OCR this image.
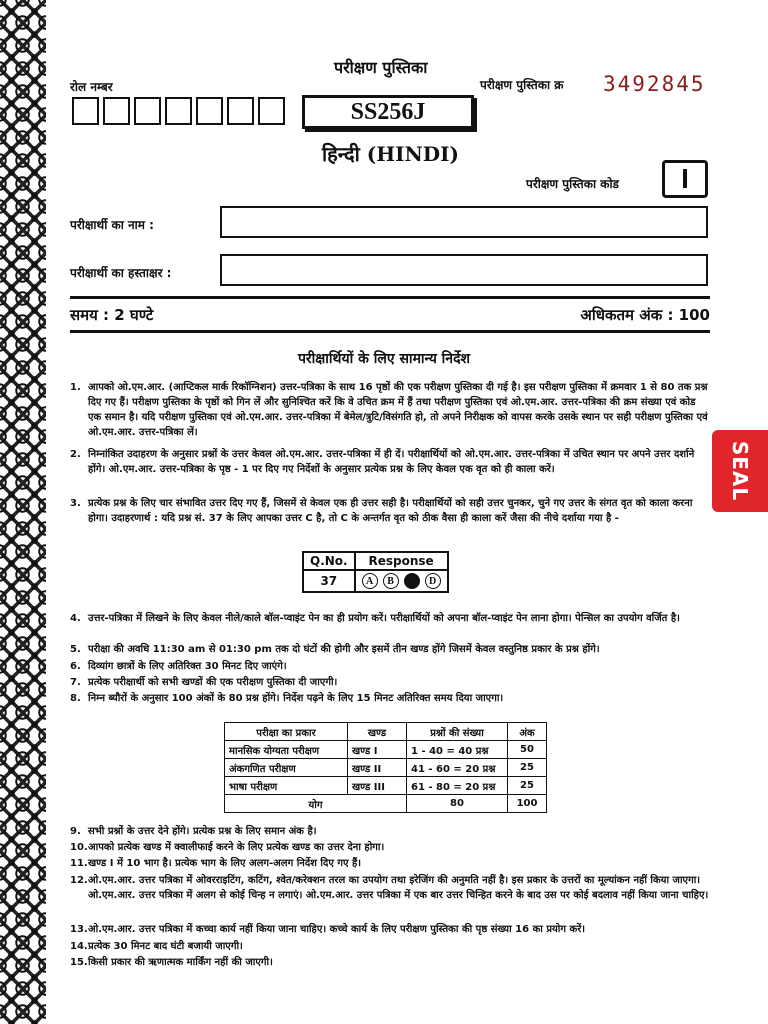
परीक्षण पुस्तिका
रोल नम्बर	परीक्षण पुस्तिका क्र 3492845
SS256J
हिन्दी (HINDI)
परीक्षण पुस्तिका कोड	I
परीक्षार्थी का नाम :
परीक्षार्थी का हस्ताक्षर :
समय : 2 घण्टे	अधिकतम अंक : 100
परीक्षार्थियों के लिए सामान्य निर्देश
SEAL
1. आपको ओ.एम.आर. (आप्टिकल मार्क रिकॉग्निशन) उत्तर-पत्रिका के साथ 16 पृष्ठों की एक परीक्षण पुस्तिका दी गई है। इस परीक्षण पुस्तिका में क्रमवार 1 से 80 तक प्रश्न दिए गए हैं। परीक्षण पुस्तिका के पृष्ठों को गिन लें और सुनिश्चित करें कि वे उचित क्रम में हैं तथा परीक्षण पुस्तिका एवं ओ.एम.आर. उत्तर-पत्रिका की क्रम संख्या एवं कोड एक समान है। यदि परीक्षण पुस्तिका एवं ओ.एम.आर. उत्तर-पत्रिका में बेमेल/त्रुटि/विसंगति हो, तो अपने निरीक्षक को वापस करके उसके स्थान पर सही परीक्षण पुस्तिका एवं ओ.एम.आर. उत्तर-पत्रिका लें।
2. निम्नांकित उदाहरण के अनुसार प्रश्नों के उत्तर केवल ओ.एम.आर. उत्तर-पत्रिका में ही दें। परीक्षार्थियों को ओ.एम.आर. उत्तर-पत्रिका में उचित स्थान पर अपने उत्तर दर्शाने होंगे। ओ.एम.आर. उत्तर-पत्रिका के पृष्ठ - 1 पर दिए गए निर्देशों के अनुसार प्रत्येक प्रश्न के लिए केवल एक वृत को ही काला करें।
3. प्रत्येक प्रश्न के लिए चार संभावित उत्तर दिए गए हैं, जिसमें से केवल एक ही उत्तर सही है। परीक्षार्थियों को सही उत्तर चुनकर, चुने गए उत्तर के संगत वृत को काला करना होगा। उदाहरणार्थ : यदि प्रश्न सं. 37 के लिए आपका उत्तर C है, तो C के अन्तर्गत वृत को ठीक वैसा ही काला करें जैसा की नीचे दर्शाया गया है -
Q.No.	Response
37	A B C D
4. उत्तर-पत्रिका में लिखने के लिए केवल नीले/काले बॉल-प्वाइंट पेन का ही प्रयोग करें। परीक्षार्थियों को अपना बॉल-प्वाइंट पेन लाना होगा। पेन्सिल का उपयोग वर्जित है।
5. परीक्षा की अवधि 11:30 am से 01:30 pm तक दो घंटों की होगी और इसमें तीन खण्ड होंगे जिसमें केवल वस्तुनिष्ठ प्रकार के प्रश्न होंगे।
6. दिव्यांग छात्रों के लिए अतिरिक्त 30 मिनट दिए जाएंगे।
7. प्रत्येक परीक्षार्थी को सभी खण्डों की एक परीक्षण पुस्तिका दी जाएगी।
8. निम्न ब्यौरों के अनुसार 100 अंकों के 80 प्रश्न होंगे। निर्देश पढ़ने के लिए 15 मिनट अतिरिक्त समय दिया जाएगा।
परीक्षा का प्रकार	खण्ड	प्रश्नों की संख्या	अंक
मानसिक योग्यता परीक्षण	खण्ड I	1 - 40 = 40 प्रश्न	50
अंकगणित परीक्षण	खण्ड II	41 - 60 = 20 प्रश्न	25
भाषा परीक्षण	खण्ड III	61 - 80 = 20 प्रश्न	25
योग		80	100
9. सभी प्रश्नों के उत्तर देने होंगे। प्रत्येक प्रश्न के लिए समान अंक है।
10. आपको प्रत्येक खण्ड में क्वालीफाई करने के लिए प्रत्येक खण्ड का उत्तर देना होगा।
11. खण्ड I में 10 भाग है। प्रत्येक भाग के लिए अलग-अलग निर्देश दिए गए हैं।
12. ओ.एम.आर. उत्तर पत्रिका में ओवरराइटिंग, कटिंग, श्वेत/करेक्शन तरल का उपयोग तथा इरेजिंग की अनुमति नहीं है। इस प्रकार के उत्तरों का मूल्यांकन नहीं किया जाएगा। ओ.एम.आर. उत्तर पत्रिका में अलग से कोई चिन्ह न लगाएं। ओ.एम.आर. उत्तर पत्रिका में एक बार उत्तर चिन्हित करने के बाद उस पर कोई बदलाव नहीं किया जाना चाहिए।
13. ओ.एम.आर. उत्तर पत्रिका में कच्चा कार्य नहीं किया जाना चाहिए। कच्चे कार्य के लिए परीक्षण पुस्तिका की पृष्ठ संख्या 16 का प्रयोग करें।
14. प्रत्येक 30 मिनट बाद घंटी बजायी जाएगी।
15. किसी प्रकार की ऋणात्मक मार्किंग नहीं की जाएगी।
